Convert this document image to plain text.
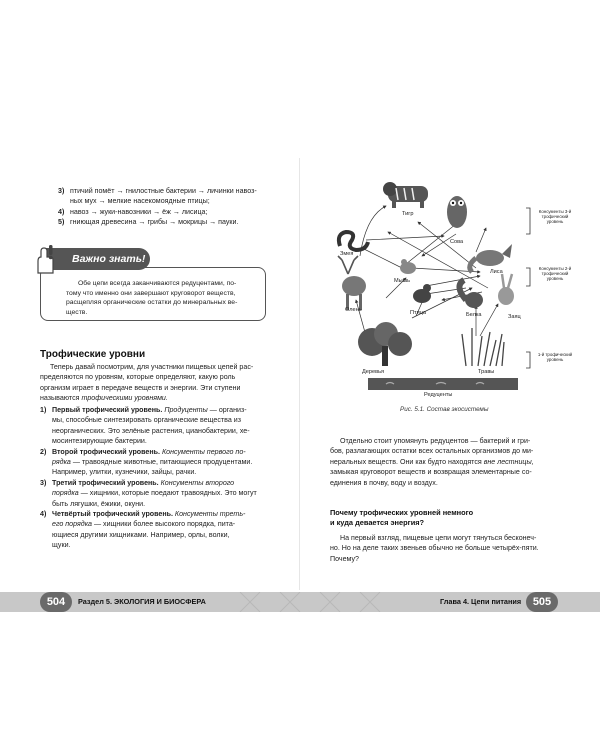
3) птичий помёт → гнилостные бактерии → личинки навоз-
ных мух → мелкие насекомоядные птицы;
4) навоз → жуки-навозники → ёж → лисица;
5) гниющая древесина → грибы → мокрицы → пауки.
Важно знать!
Обе цепи всегда заканчиваются редуцентами, по-
тому что именно они завершают круговорот веществ,
расщепляя органические остатки до минеральных ве-
ществ.
Трофические уровни
Теперь давай посмотрим, для участники пищевых цепей рас-
пределяются по уровням, которые определяют, какую роль
организм играет в передаче веществ и энергии. Эти ступени
называются трофическими уровнями.
1) Первый трофический уровень. Продуценты — организ-
мы, способные синтезировать органические вещества из
неорганических. Это зелёные растения, цианобактерии, хе-
мосинтезирующие бактерии.
2) Второй трофический уровень. Консументы первого по-
рядка — травоядные животные, питающиеся продуцентами.
Например, улитки, кузнечики, зайцы, рачки.
3) Третий трофический уровень. Консументы второго
порядка — хищники, которые поедают травоядных. Это могут
быть лягушки, ёжики, окуни.
4) Четвёртый трофический уровень. Консументы треть-
его порядка — хищники более высокого порядка, пита-
ющиеся другими хищниками. Например, орлы, волки,
щуки.
Тигр
Сова
Змея
Мышь
Лиса
Олень	Птица	Белка	Заяц
Деревья	Травы
Редуценты
Консументы 3-й трофический уровень
Консументы 2-й трофический уровень
1-й трофический уровень
Рис. 5.1. Состав экосистемы
Отдельно стоит упомянуть редуцентов — бактерий и гри-
бов, разлагающих остатки всех остальных организмов до ми-
неральных веществ. Они как будто находятся вне лестницы,
замыкая круговорот веществ и возвращая элементарные со-
единения в почву, воду и воздух.
Почему трофических уровней немного
и куда девается энергия?
На первый взгляд, пищевые цепи могут тянуться бесконеч-
но. Но на деле таких звеньев обычно не больше четырёх-пяти.
Почему?
504	Раздел 5. ЭКОЛОГИЯ И БИОСФЕРА	Глава 4. Цепи питания	505
